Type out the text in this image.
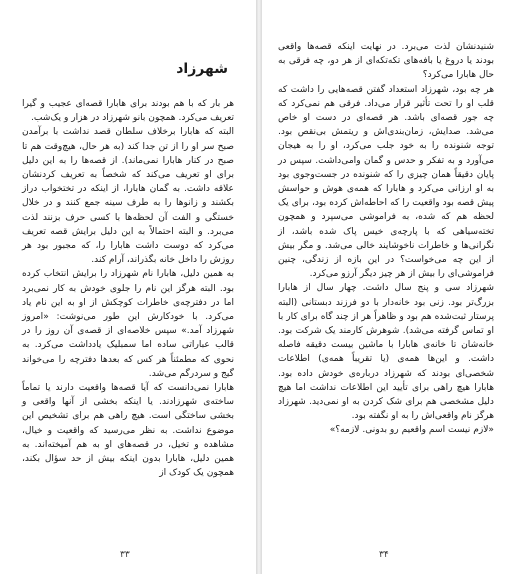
شهرزاد

هر بار که با هم بودند برای هابارا قصه‌ای عجیب و گیرا تعریف می‌کرد. همچون بانو شهرزاد در هزار و یک‌شب.

البته که هابارا برخلاف سلطان قصد نداشت با برآمدن صبح سر او را از تن جدا کند (به هر حال، هیچ‌وقت هم تا صبح در کنار هابارا نمی‌ماند). از قصه‌ها را به این دلیل برای او تعریف می‌کند که شخصاً به تعریف کردنشان علاقه داشت. به گمان هابارا، از اینکه در تختخواب دراز بکشند و زانوها را به طرف سینه جمع کنند و در خلال خستگی و الفت آن لحظه‌ها با کسی حرف بزنند لذت می‌برد. و البته احتمالاً به این دلیل برایش قصه تعریف می‌کرد که دوست داشت هابارا را، که مجبور بود هر روزش را داخل خانه بگذراند، آرام کند.

به همین دلیل، هابارا نام شهرزاد را برایش انتخاب کرده بود. البته هرگز این نام را جلوی خودش به کار نمی‌برد اما در دفترچه‌ی خاطرات کوچکش از او به این نام یاد می‌کرد. با خودکارش این طور می‌نوشت: «امروز شهرزاد آمد.» سپس خلاصه‌ای از قصه‌ی آن روز را در قالب عباراتی ساده اما سمبلیک یادداشت می‌کرد. به نحوی که مطمئناً هر کس که بعدها دفترچه را می‌خواند گیج و سردرگم می‌شد.

هابارا نمی‌دانست که آیا قصه‌ها واقعیت دارند یا تماماً ساخته‌ی شهرزادند. یا اینکه بخشی از آنها واقعی و بخشی ساختگی است. هیچ راهی هم برای تشخیص این موضوع نداشت. به نظر می‌رسید که واقعیت و خیال، مشاهده و تخیل، در قصه‌های او به هم آمیخته‌اند. به همین دلیل، هابارا بدون اینکه بیش از حد سؤال بکند، همچون یک کودک از

۳۳

شنیدنشان لذت می‌برد. در نهایت اینکه قصه‌ها واقعی بودند یا دروغ یا بافه‌های تکه‌تکه‌ای از هر دو، چه فرقی به حال هابارا می‌کرد؟

هر چه بود، شهرزاد استعداد گفتن قصه‌هایی را داشت که قلب او را تحت تأثیر قرار می‌داد. فرقی هم نمی‌کرد که چه جور قصه‌ای باشد. هر قصه‌ای در دست او خاص می‌شد. صدایش، زمان‌بندی‌اش و ریتمش بی‌نقص بود. توجه شنونده را به خود جلب می‌کرد، او را به هیجان می‌آورد و به تفکر و حدس و گمان وامی‌داشت. سپس در پایان دقیقاً همان چیزی را که شنونده در جست‌وجوی بود به او ارزانی می‌کرد و هابارا که همه‌ی هوش و حواسش پیش قصه بود واقعیت را که احاطه‌اش کرده بود، برای یک لحظه هم که شده، به فراموشی می‌سپرد و همچون تخته‌سیاهی که با پارچه‌ی خیس پاک شده باشد، از نگرانی‌ها و خاطرات ناخوشایند خالی می‌شد. و مگر بیش از این چه می‌خواست؟ در این بازه از زندگی، چنین فراموشی‌ای را بیش از هر چیز دیگر آرزو می‌کرد.

شهرزاد سی و پنج سال داشت. چهار سال از هابارا بزرگ‌تر بود. زنی بود خانه‌دار با دو فرزند دبستانی (البته پرستار ثبت‌شده هم بود و ظاهراً هر از چند گاه برای کار با او تماس گرفته می‌شد). شوهرش کارمند یک شرکت بود. خانه‌شان تا خانه‌ی هابارا با ماشین بیست دقیقه فاصله داشت. و این‌ها همه‌ی (یا تقریباً همه‌ی) اطلاعات شخصی‌ای بودند که شهرزاد درباره‌ی خودش داده بود. هابارا هیچ راهی برای تأیید این اطلاعات نداشت اما هیچ دلیل مشخصی هم برای شک کردن به او نمی‌دید. شهرزاد هرگز نام واقعی‌اش را به او نگفته بود.

«لازم نیست اسم واقعیم رو بدونی. لازمه؟»

۳۴
